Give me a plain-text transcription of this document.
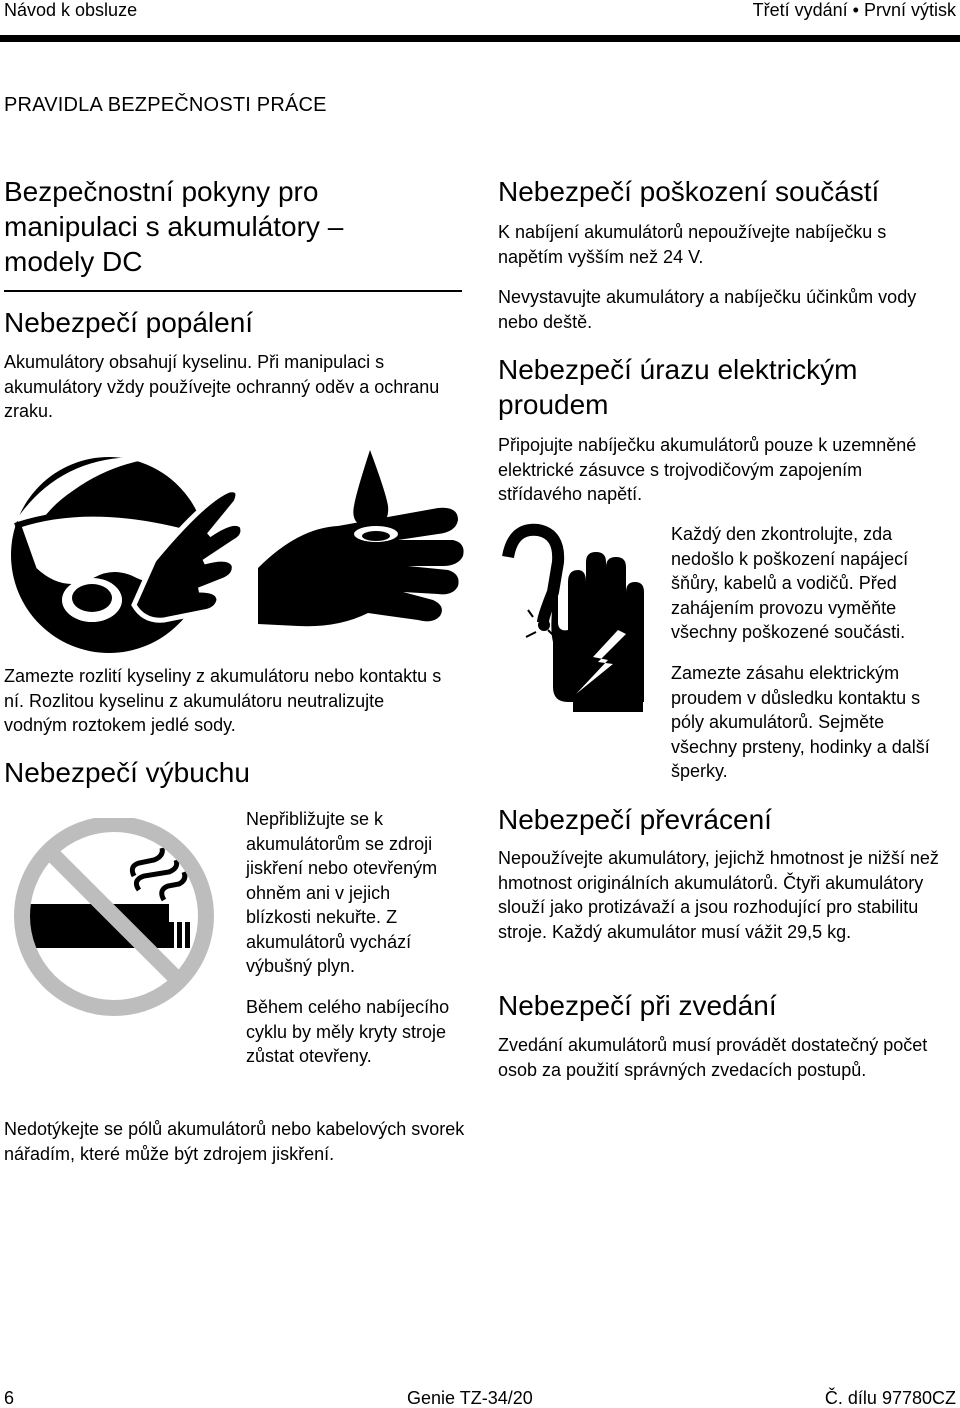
Návod k obsluze	Třetí vydání • První výtisk
PRAVIDLA BEZPEČNOSTI PRÁCE
Bezpečnostní pokyny pro manipulaci s akumulátory – modely DC
Nebezpečí popálení

Akumulátory obsahují kyselinu. Při manipulaci s akumulátory vždy používejte ochranný oděv a ochranu zraku.

Zamezte rozlití kyseliny z akumulátoru nebo kontaktu s ní. Rozlitou kyselinu z akumulátoru neutralizujte vodným roztokem jedlé sody.

Nebezpečí výbuchu

Nepřibližujte se k akumulátorům se zdroji jiskření nebo otevřeným ohněm ani v jejich blízkosti nekuřte. Z akumulátorů vychází výbušný plyn.

Během celého nabíjecího cyklu by měly kryty stroje zůstat otevřeny.

Nedotýkejte se pólů akumulátorů nebo kabelových svorek nářadím, které může být zdrojem jiskření.

Nebezpečí poškození součástí

K nabíjení akumulátorů nepoužívejte nabíječku s napětím vyšším než 24 V.

Nevystavujte akumulátory a nabíječku účinkům vody nebo deště.

Nebezpečí úrazu elektrickým proudem

Připojujte nabíječku akumulátorů pouze k uzemněné elektrické zásuvce s trojvodičovým zapojením střídavého napětí.

Každý den zkontrolujte, zda nedošlo k poškození napájecí šňůry, kabelů a vodičů. Před zahájením provozu vyměňte všechny poškozené součásti.

Zamezte zásahu elektrickým proudem v důsledku kontaktu s póly akumulátorů. Sejměte všechny prsteny, hodinky a další šperky.

Nebezpečí převrácení

Nepoužívejte akumulátory, jejichž hmotnost je nižší než hmotnost originálních akumulátorů. Čtyři akumulátory slouží jako protizávaží a jsou rozhodující pro stabilitu stroje. Každý akumulátor musí vážit 29,5 kg.

Nebezpečí při zvedání

Zvedání akumulátorů musí provádět dostatečný počet osob za použití správných zvedacích postupů.

6	Genie TZ-34/20	Č. dílu 97780CZ
